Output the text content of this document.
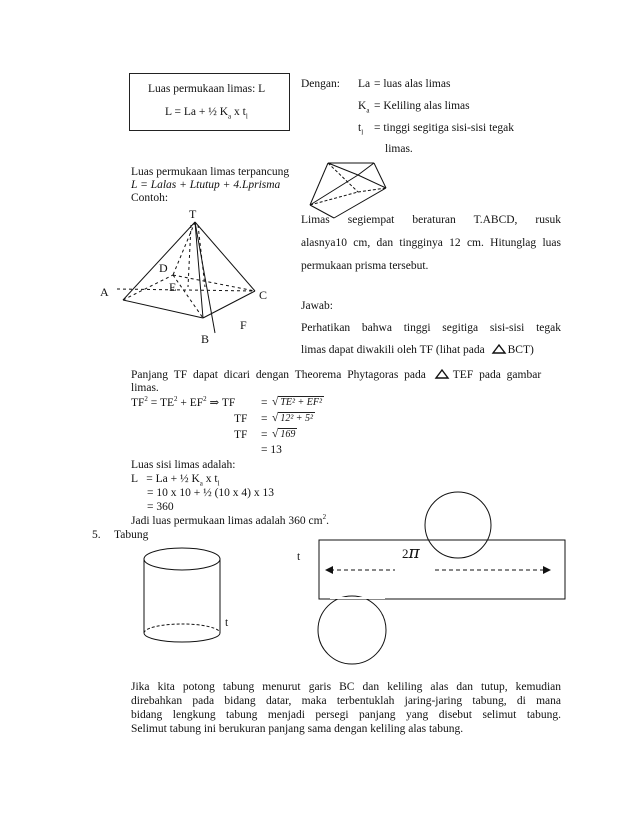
Luas permukaan limas: L
L = La + ½ $K_a$ x $t_l$
Dengan: La = luas alas limas
$K_a$ = Keliling alas limas
$t_l$ = tinggi segitiga sisi-sisi tegak
limas.
Luas permukaan limas terpancung
L = Lalas + Ltutup + 4.Lprisma
Contoh:
T
D
E
A	C
F
B
Limas segiempat beraturan T.ABCD, rusuk
alasnya10 cm, dan tingginya 12 cm. Hitunglag luas
permukaan prisma tersebut.
Jawab:
Perhatikan bahwa tinggi segitiga sisi-sisi tegak
limas dapat diwakili oleh TF (lihat pada BCT)
Panjang TF dapat dicari dengan Theorema Phytagoras pada TEF pada gambar
limas.
$TF^2 = TE^2 + EF^2$ ⇒ TF = √ TE² + EF²
TF = √ 12² + 5²
TF = √ 169
= 13
Luas sisi limas adalah:
L   = La + ½ $K_a$ x $t_l$
= 10 x 10 + ½ (10 x 4) x 13
= 360
Jadi luas permukaan limas adalah 360 $cm^2$.
5. Tabung
t
t	2π
Jika kita potong tabung menurut garis BC dan keliling alas dan tutup, kemudian
direbahkan pada bidang datar, maka terbentuklah jaring-jaring tabung, di mana
bidang lengkung tabung menjadi persegi panjang yang disebut selimut tabung.
Selimut tabung ini berukuran panjang sama dengan keliling alas tabung.
